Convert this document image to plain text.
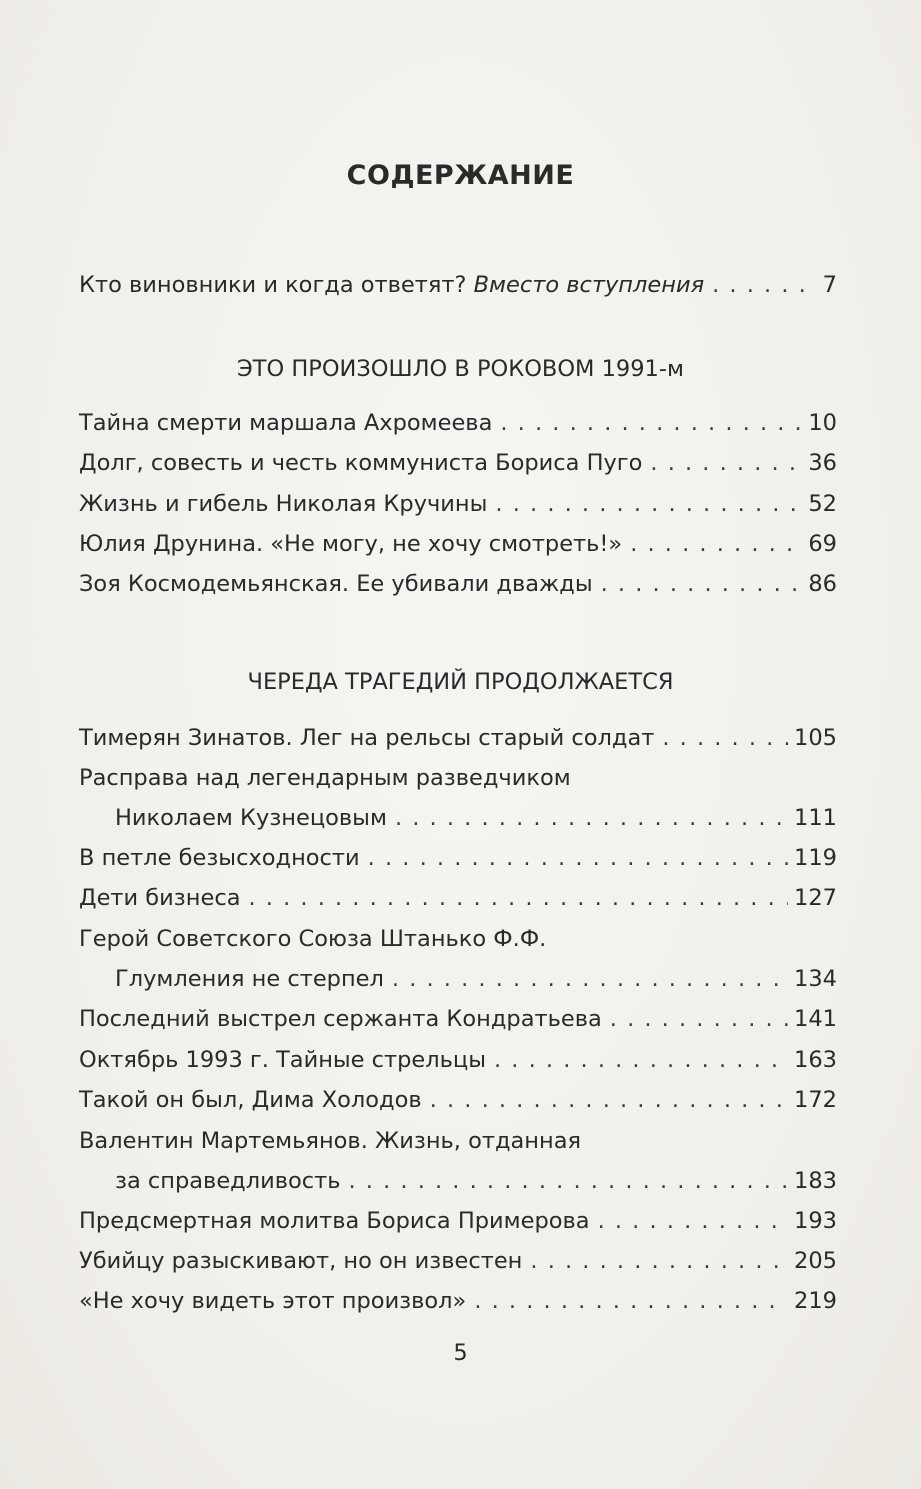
СОДЕРЖАНИЕ
Кто виновники и когда ответят? Вместо вступления . . .	7
ЭТО ПРОИЗОШЛО В РОКОВОМ 1991-м
Тайна смерти маршала Ахромеева . . .	10
Долг, совесть и честь коммуниста Бориса Пуго . . .	36
Жизнь и гибель Николая Кручины . . .	52
Юлия Друнина. «Не могу, не хочу смотреть!» . . .	69
Зоя Космодемьянская. Ее убивали дважды . . .	86
ЧЕРЕДА ТРАГЕДИЙ ПРОДОЛЖАЕТСЯ
Тимерян Зинатов. Лег на рельсы старый солдат . . .	105
Расправа над легендарным разведчиком
Николаем Кузнецовым . . .	111
В петле безысходности . . .	119
Дети бизнеса . . .	127
Герой Советского Союза Штанько Ф.Ф.
Глумления не стерпел . . .	134
Последний выстрел сержанта Кондратьева . . .	141
Октябрь 1993 г. Тайные стрельцы . . .	163
Такой он был, Дима Холодов . . .	172
Валентин Мартемьянов. Жизнь, отданная
за справедливость . . .	183
Предсмертная молитва Бориса Примерова . . .	193
Убийцу разыскивают, но он известен . . .	205
«Не хочу видеть этот произвол» . . .	219
5
